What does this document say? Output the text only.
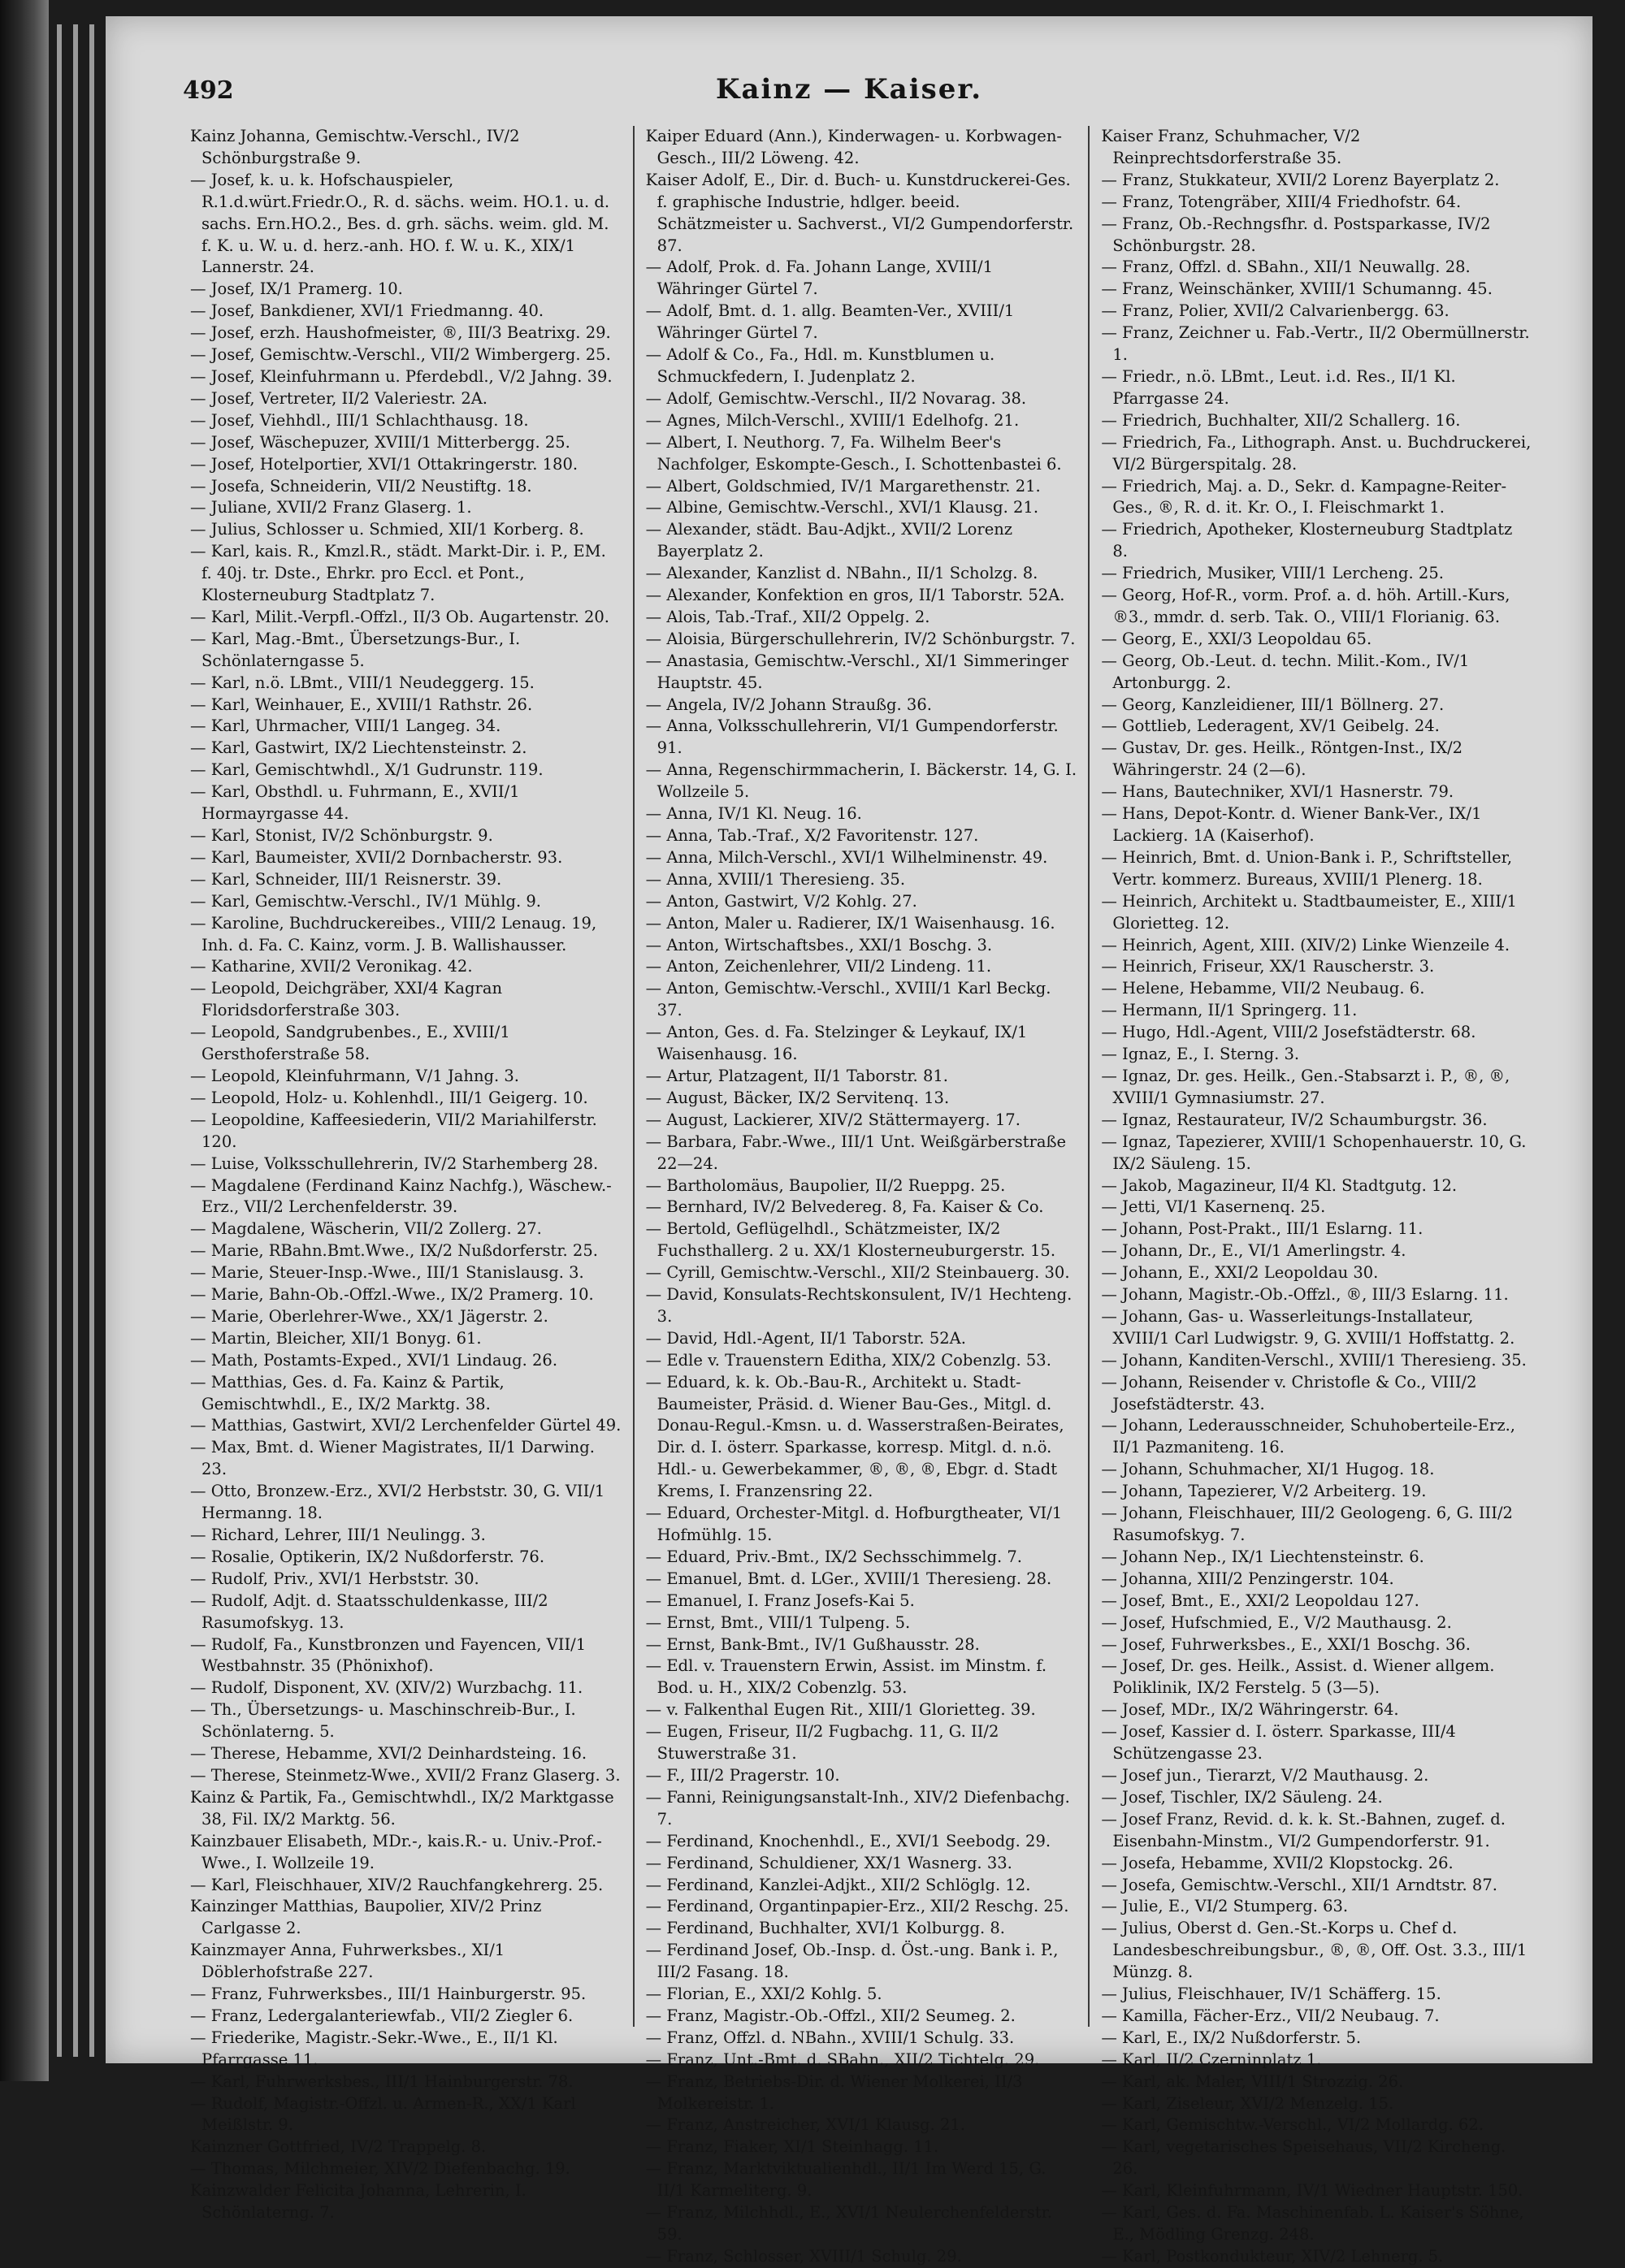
492	Kainz — Kaiser.

Kainz Johanna, Gemischtw.-Verschl., IV/2 Schönburgstraße 9.

— Josef, k. u. k. Hofschauspieler, R.1.d.würt.Friedr.O., R. d. sächs. weim. HO.1. u. d. sachs. Ern.HO.2., Bes. d. grh. sächs. weim. gld. M. f. K. u. W. u. d. herz.-anh. HO. f. W. u. K., XIX/1 Lannerstr. 24.

— Josef, IX/1 Pramerg. 10.

— Josef, Bankdiener, XVI/1 Friedmanng. 40.

— Josef, erzh. Haushofmeister, ®, III/3 Beatrixg. 29.

— Josef, Gemischtw.-Verschl., VII/2 Wimbergerg. 25.

— Josef, Kleinfuhrmann u. Pferdebdl., V/2 Jahng. 39.

— Josef, Vertreter, II/2 Valeriestr. 2A.

— Josef, Viehhdl., III/1 Schlachthausg. 18.

— Josef, Wäschepuzer, XVIII/1 Mitterbergg. 25.

— Josef, Hotelportier, XVI/1 Ottakringerstr. 180.

— Josefa, Schneiderin, VII/2 Neustiftg. 18.

— Juliane, XVII/2 Franz Glaserg. 1.

— Julius, Schlosser u. Schmied, XII/1 Korberg. 8.

— Karl, kais. R., Kmzl.R., städt. Markt-Dir. i. P., EM. f. 40j. tr. Dste., Ehrkr. pro Eccl. et Pont., Klosterneuburg Stadtplatz 7.

— Karl, Milit.-Verpfl.-Offzl., II/3 Ob. Augartenstr. 20.

— Karl, Mag.-Bmt., Übersetzungs-Bur., I. Schönlaterngasse 5.

— Karl, n.ö. LBmt., VIII/1 Neudeggerg. 15.

— Karl, Weinhauer, E., XVIII/1 Rathstr. 26.

— Karl, Uhrmacher, VIII/1 Langeg. 34.

— Karl, Gastwirt, IX/2 Liechtensteinstr. 2.

— Karl, Gemischtwhdl., X/1 Gudrunstr. 119.

— Karl, Obsthdl. u. Fuhrmann, E., XVII/1 Hormayrgasse 44.

— Karl, Stonist, IV/2 Schönburgstr. 9.

— Karl, Baumeister, XVII/2 Dornbacherstr. 93.

— Karl, Schneider, III/1 Reisnerstr. 39.

— Karl, Gemischtw.-Verschl., IV/1 Mühlg. 9.

— Karoline, Buchdruckereibes., VIII/2 Lenaug. 19, Inh. d. Fa. C. Kainz, vorm. J. B. Wallishausser.

— Katharine, XVII/2 Veronikag. 42.

— Leopold, Deichgräber, XXI/4 Kagran Floridsdorferstraße 303.

— Leopold, Sandgrubenbes., E., XVIII/1 Gersthoferstraße 58.

— Leopold, Kleinfuhrmann, V/1 Jahng. 3.

— Leopold, Holz- u. Kohlenhdl., III/1 Geigerg. 10.

— Leopoldine, Kaffeesiederin, VII/2 Mariahilferstr. 120.

— Luise, Volksschullehrerin, IV/2 Starhemberg 28.

— Magdalene (Ferdinand Kainz Nachfg.), Wäschew.-Erz., VII/2 Lerchenfelderstr. 39.

— Magdalene, Wäscherin, VII/2 Zollerg. 27.

— Marie, RBahn.Bmt.Wwe., IX/2 Nußdorferstr. 25.

— Marie, Steuer-Insp.-Wwe., III/1 Stanislausg. 3.

— Marie, Bahn-Ob.-Offzl.-Wwe., IX/2 Pramerg. 10.

— Marie, Oberlehrer-Wwe., XX/1 Jägerstr. 2.

— Martin, Bleicher, XII/1 Bonyg. 61.

— Math, Postamts-Exped., XVI/1 Lindaug. 26.

— Matthias, Ges. d. Fa. Kainz & Partik, Gemischtwhdl., E., IX/2 Marktg. 38.

— Matthias, Gastwirt, XVI/2 Lerchenfelder Gürtel 49.

— Max, Bmt. d. Wiener Magistrates, II/1 Darwing. 23.

— Otto, Bronzew.-Erz., XVI/2 Herbststr. 30, G. VII/1 Hermanng. 18.

— Richard, Lehrer, III/1 Neulingg. 3.

— Rosalie, Optikerin, IX/2 Nußdorferstr. 76.

— Rudolf, Priv., XVI/1 Herbststr. 30.

— Rudolf, Adjt. d. Staatsschuldenkasse, III/2 Rasumofskyg. 13.

— Rudolf, Fa., Kunstbronzen und Fayencen, VII/1 Westbahnstr. 35 (Phönixhof).

— Rudolf, Disponent, XV. (XIV/2) Wurzbachg. 11.

— Th., Übersetzungs- u. Maschinschreib-Bur., I. Schönlaterng. 5.

— Therese, Hebamme, XVI/2 Deinhardsteing. 16.

— Therese, Steinmetz-Wwe., XVII/2 Franz Glaserg. 3.

Kainz & Partik, Fa., Gemischtwhdl., IX/2 Marktgasse 38, Fil. IX/2 Marktg. 56.

Kainzbauer Elisabeth, MDr.-, kais.R.- u. Univ.-Prof.-Wwe., I. Wollzeile 19.

— Karl, Fleischhauer, XIV/2 Rauchfangkehrerg. 25.

Kainzinger Matthias, Baupolier, XIV/2 Prinz Carlgasse 2.

Kainzmayer Anna, Fuhrwerksbes., XI/1 Döblerhofstraße 227.

— Franz, Fuhrwerksbes., III/1 Hainburgerstr. 95.

— Franz, Ledergalanteriewfab., VII/2 Ziegler 6.

— Friederike, Magistr.-Sekr.-Wwe., E., II/1 Kl. Pfarrgasse 11.

— Karl, Fuhrwerksbes., III/1 Hainburgerstr. 78.

— Rudolf, Magistr.-Offzl. u. Armen-R., XX/1 Karl Meißlstr. 9.

Kainzner Gottfried, IV/2 Trappelg. 8.

— Thomas, Milchmeier, XIV/2 Diefenbachg. 19.

Kainzwalder Felicita Johanna, Lehrerin, I. Schönlaterng. 7.

Kaiper Eduard (Ann.), Kinderwagen- u. Korbwagen-Gesch., III/2 Löweng. 42.

Kaiser Adolf, E., Dir. d. Buch- u. Kunstdruckerei-Ges. f. graphische Industrie, hdlger. beeid. Schätzmeister u. Sachverst., VI/2 Gumpendorferstr. 87.

— Adolf, Prok. d. Fa. Johann Lange, XVIII/1 Währinger Gürtel 7.

— Adolf, Bmt. d. 1. allg. Beamten-Ver., XVIII/1 Währinger Gürtel 7.

— Adolf & Co., Fa., Hdl. m. Kunstblumen u. Schmuckfedern, I. Judenplatz 2.

— Adolf, Gemischtw.-Verschl., II/2 Novarag. 38.

— Agnes, Milch-Verschl., XVIII/1 Edelhofg. 21.

— Albert, I. Neuthorg. 7, Fa. Wilhelm Beer's Nachfolger, Eskompte-Gesch., I. Schottenbastei 6.

— Albert, Goldschmied, IV/1 Margarethenstr. 21.

— Albine, Gemischtw.-Verschl., XVI/1 Klausg. 21.

— Alexander, städt. Bau-Adjkt., XVII/2 Lorenz Bayerplatz 2.

— Alexander, Kanzlist d. NBahn., II/1 Scholzg. 8.

— Alexander, Konfektion en gros, II/1 Taborstr. 52A.

— Alois, Tab.-Traf., XII/2 Oppelg. 2.

— Aloisia, Bürgerschullehrerin, IV/2 Schönburgstr. 7.

— Anastasia, Gemischtw.-Verschl., XI/1 Simmeringer Hauptstr. 45.

— Angela, IV/2 Johann Straußg. 36.

— Anna, Volksschullehrerin, VI/1 Gumpendorferstr. 91.

— Anna, Regenschirmmacherin, I. Bäckerstr. 14, G. I. Wollzeile 5.

— Anna, IV/1 Kl. Neug. 16.

— Anna, Tab.-Traf., X/2 Favoritenstr. 127.

— Anna, Milch-Verschl., XVI/1 Wilhelminenstr. 49.

— Anna, XVIII/1 Theresieng. 35.

— Anton, Gastwirt, V/2 Kohlg. 27.

— Anton, Maler u. Radierer, IX/1 Waisenhausg. 16.

— Anton, Wirtschaftsbes., XXI/1 Boschg. 3.

— Anton, Zeichenlehrer, VII/2 Lindeng. 11.

— Anton, Gemischtw.-Verschl., XVIII/1 Karl Beckg. 37.

— Anton, Ges. d. Fa. Stelzinger & Leykauf, IX/1 Waisenhausg. 16.

— Artur, Platzagent, II/1 Taborstr. 81.

— August, Bäcker, IX/2 Servitenq. 13.

— August, Lackierer, XIV/2 Stättermayerg. 17.

— Barbara, Fabr.-Wwe., III/1 Unt. Weißgärberstraße 22—24.

— Bartholomäus, Baupolier, II/2 Rueppg. 25.

— Bernhard, IV/2 Belvedereg. 8, Fa. Kaiser & Co.

— Bertold, Geflügelhdl., Schätzmeister, IX/2 Fuchsthallerg. 2 u. XX/1 Klosterneuburgerstr. 15.

— Cyrill, Gemischtw.-Verschl., XII/2 Steinbauerg. 30.

— David, Konsulats-Rechtskonsulent, IV/1 Hechteng. 3.

— David, Hdl.-Agent, II/1 Taborstr. 52A.

— Edle v. Trauenstern Editha, XIX/2 Cobenzlg. 53.

— Eduard, k. k. Ob.-Bau-R., Architekt u. Stadt-Baumeister, Präsid. d. Wiener Bau-Ges., Mitgl. d. Donau-Regul.-Kmsn. u. d. Wasserstraßen-Beirates, Dir. d. I. österr. Sparkasse, korresp. Mitgl. d. n.ö. Hdl.- u. Gewerbekammer, ®, ®, ®, Ebgr. d. Stadt Krems, I. Franzensring 22.

— Eduard, Orchester-Mitgl. d. Hofburgtheater, VI/1 Hofmühlg. 15.

— Eduard, Priv.-Bmt., IX/2 Sechsschimmelg. 7.

— Emanuel, Bmt. d. LGer., XVIII/1 Theresieng. 28.

— Emanuel, I. Franz Josefs-Kai 5.

— Ernst, Bmt., VIII/1 Tulpeng. 5.

— Ernst, Bank-Bmt., IV/1 Gußhausstr. 28.

— Edl. v. Trauenstern Erwin, Assist. im Minstm. f. Bod. u. H., XIX/2 Cobenzlg. 53.

— v. Falkenthal Eugen Rit., XIII/1 Glorietteg. 39.

— Eugen, Friseur, II/2 Fugbachg. 11, G. II/2 Stuwerstraße 31.

— F., III/2 Pragerstr. 10.

— Fanni, Reinigungsanstalt-Inh., XIV/2 Diefenbachg. 7.

— Ferdinand, Knochenhdl., E., XVI/1 Seebodg. 29.

— Ferdinand, Schuldiener, XX/1 Wasnerg. 33.

— Ferdinand, Kanzlei-Adjkt., XII/2 Schlöglg. 12.

— Ferdinand, Organtinpapier-Erz., XII/2 Reschg. 25.

— Ferdinand, Buchhalter, XVI/1 Kolburgg. 8.

— Ferdinand Josef, Ob.-Insp. d. Öst.-ung. Bank i. P., III/2 Fasang. 18.

— Florian, E., XXI/2 Kohlg. 5.

— Franz, Magistr.-Ob.-Offzl., XII/2 Seumeg. 2.

— Franz, Offzl. d. NBahn., XVIII/1 Schulg. 33.

— Franz, Unt.-Bmt. d. SBahn., XII/2 Tichtelg. 29.

— Franz, Betriebs-Dir. d. Wiener Molkerei, II/3 Molkereistr. 1.

— Franz, Anstreicher, XVI/1 Klausg. 21.

— Franz, Fiaker, XI/1 Steinhagg. 11.

— Franz, Marktviktualienhdl., II/1 Im Werd 15, G. II/1 Karmeliterg. 9.

— Franz, Milchhdl., E., XVI/1 Neulerchenfelderstr. 59.

— Franz, Schlosser, XVIII/1 Schulg. 29.

Kaiser Franz, Schuhmacher, V/2 Reinprechtsdorferstraße 35.

— Franz, Stukkateur, XVII/2 Lorenz Bayerplatz 2.

— Franz, Totengräber, XIII/4 Friedhofstr. 64.

— Franz, Ob.-Rechngsfhr. d. Postsparkasse, IV/2 Schönburgstr. 28.

— Franz, Offzl. d. SBahn., XII/1 Neuwallg. 28.

— Franz, Weinschänker, XVIII/1 Schumanng. 45.

— Franz, Polier, XVII/2 Calvarienbergg. 63.

— Franz, Zeichner u. Fab.-Vertr., II/2 Obermüllnerstr. 1.

— Friedr., n.ö. LBmt., Leut. i.d. Res., II/1 Kl. Pfarrgasse 24.

— Friedrich, Buchhalter, XII/2 Schallerg. 16.

— Friedrich, Fa., Lithograph. Anst. u. Buchdruckerei, VI/2 Bürgerspitalg. 28.

— Friedrich, Maj. a. D., Sekr. d. Kampagne-Reiter-Ges., ®, R. d. it. Kr. O., I. Fleischmarkt 1.

— Friedrich, Apotheker, Klosterneuburg Stadtplatz 8.

— Friedrich, Musiker, VIII/1 Lercheng. 25.

— Georg, Hof-R., vorm. Prof. a. d. höh. Artill.-Kurs, ®3., mmdr. d. serb. Tak. O., VIII/1 Florianig. 63.

— Georg, E., XXI/3 Leopoldau 65.

— Georg, Ob.-Leut. d. techn. Milit.-Kom., IV/1 Artonburgg. 2.

— Georg, Kanzleidiener, III/1 Böllnerg. 27.

— Gottlieb, Lederagent, XV/1 Geibelg. 24.

— Gustav, Dr. ges. Heilk., Röntgen-Inst., IX/2 Währingerstr. 24 (2—6).

— Hans, Bautechniker, XVI/1 Hasnerstr. 79.

— Hans, Depot-Kontr. d. Wiener Bank-Ver., IX/1 Lackierg. 1A (Kaiserhof).

— Heinrich, Bmt. d. Union-Bank i. P., Schriftsteller, Vertr. kommerz. Bureaus, XVIII/1 Plenerg. 18.

— Heinrich, Architekt u. Stadtbaumeister, E., XIII/1 Glorietteg. 12.

— Heinrich, Agent, XIII. (XIV/2) Linke Wienzeile 4.

— Heinrich, Friseur, XX/1 Rauscherstr. 3.

— Helene, Hebamme, VII/2 Neubaug. 6.

— Hermann, II/1 Springerg. 11.

— Hugo, Hdl.-Agent, VIII/2 Josefstädterstr. 68.

— Ignaz, E., I. Sterng. 3.

— Ignaz, Dr. ges. Heilk., Gen.-Stabsarzt i. P., ®, ®, XVIII/1 Gymnasiumstr. 27.

— Ignaz, Restaurateur, IV/2 Schaumburgstr. 36.

— Ignaz, Tapezierer, XVIII/1 Schopenhauerstr. 10, G. IX/2 Säuleng. 15.

— Jakob, Magazineur, II/4 Kl. Stadtgutg. 12.

— Jetti, VI/1 Kasernenq. 25.

— Johann, Post-Prakt., III/1 Eslarng. 11.

— Johann, Dr., E., VI/1 Amerlingstr. 4.

— Johann, E., XXI/2 Leopoldau 30.

— Johann, Magistr.-Ob.-Offzl., ®, III/3 Eslarng. 11.

— Johann, Gas- u. Wasserleitungs-Installateur, XVIII/1 Carl Ludwigstr. 9, G. XVIII/1 Hoffstattg. 2.

— Johann, Kanditen-Verschl., XVIII/1 Theresieng. 35.

— Johann, Reisender v. Christofle & Co., VIII/2 Josefstädterstr. 43.

— Johann, Lederausschneider, Schuhoberteile-Erz., II/1 Pazmaniteng. 16.

— Johann, Schuhmacher, XI/1 Hugog. 18.

— Johann, Tapezierer, V/2 Arbeiterg. 19.

— Johann, Fleischhauer, III/2 Geologeng. 6, G. III/2 Rasumofskyg. 7.

— Johann Nep., IX/1 Liechtensteinstr. 6.

— Johanna, XIII/2 Penzingerstr. 104.

— Josef, Bmt., E., XXI/2 Leopoldau 127.

— Josef, Hufschmied, E., V/2 Mauthausg. 2.

— Josef, Fuhrwerksbes., E., XXI/1 Boschg. 36.

— Josef, Dr. ges. Heilk., Assist. d. Wiener allgem. Poliklinik, IX/2 Ferstelg. 5 (3—5).

— Josef, MDr., IX/2 Währingerstr. 64.

— Josef, Kassier d. I. österr. Sparkasse, III/4 Schützengasse 23.

— Josef jun., Tierarzt, V/2 Mauthausg. 2.

— Josef, Tischler, IX/2 Säuleng. 24.

— Josef Franz, Revid. d. k. k. St.-Bahnen, zugef. d. Eisenbahn-Minstm., VI/2 Gumpendorferstr. 91.

— Josefa, Hebamme, XVII/2 Klopstockg. 26.

— Josefa, Gemischtw.-Verschl., XII/1 Arndtstr. 87.

— Julie, E., VI/2 Stumperg. 63.

— Julius, Oberst d. Gen.-St.-Korps u. Chef d. Landesbeschreibungsbur., ®, ®, Off. Ost. 3.3., III/1 Münzg. 8.

— Julius, Fleischhauer, IV/1 Schäfferg. 15.

— Kamilla, Fächer-Erz., VII/2 Neubaug. 7.

— Karl, E., IX/2 Nußdorferstr. 5.

— Karl, II/2 Czerninplatz 1.

— Karl, ak. Maler, VIII/1 Strozzig. 26.

— Karl, Ziseleur, XVI/2 Menzelg. 15.

— Karl, Gemischtw.-Verschl., VI/2 Mollardg. 62.

— Karl, vegetarisches Speisehaus, VII/2 Kircheng. 26.

— Karl, Kleinfuhrmann, IV/1 Wiedner Hauptstr. 150.

— Karl, Ges. d. Fa. Maschinenfab. L. Kaiser's Söhne, E., Mödling Grenzg. 248.

— Karl, Postkondukteur, XIV/2 Lehnerg. 5.
